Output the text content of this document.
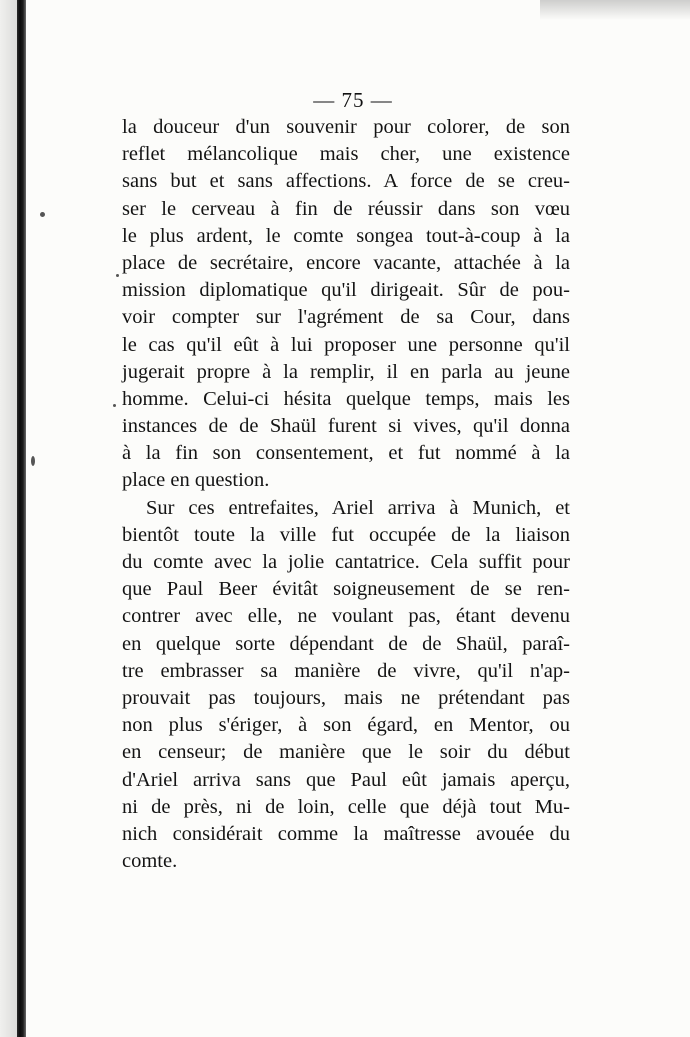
— 75 —
la douceur d'un souvenir pour colorer, de son
reflet mélancolique mais cher, une existence
sans but et sans affections. A force de se creu-
ser le cerveau à fin de réussir dans son vœu
le plus ardent, le comte songea tout-à-coup à la
place de secrétaire, encore vacante, attachée à la
mission diplomatique qu'il dirigeait. Sûr de pou-
voir compter sur l'agrément de sa Cour, dans
le cas qu'il eût à lui proposer une personne qu'il
jugerait propre à la remplir, il en parla au jeune
homme. Celui-ci hésita quelque temps, mais les
instances de de Shaül furent si vives, qu'il donna
à la fin son consentement, et fut nommé à la
place en question.
Sur ces entrefaites, Ariel arriva à Munich, et
bientôt toute la ville fut occupée de la liaison
du comte avec la jolie cantatrice. Cela suffit pour
que Paul Beer évitât soigneusement de se ren-
contrer avec elle, ne voulant pas, étant devenu
en quelque sorte dépendant de de Shaül, paraî-
tre embrasser sa manière de vivre, qu'il n'ap-
prouvait pas toujours, mais ne prétendant pas
non plus s'ériger, à son égard, en Mentor, ou
en censeur; de manière que le soir du début
d'Ariel arriva sans que Paul eût jamais aperçu,
ni de près, ni de loin, celle que déjà tout Mu-
nich considérait comme la maîtresse avouée du
comte.
